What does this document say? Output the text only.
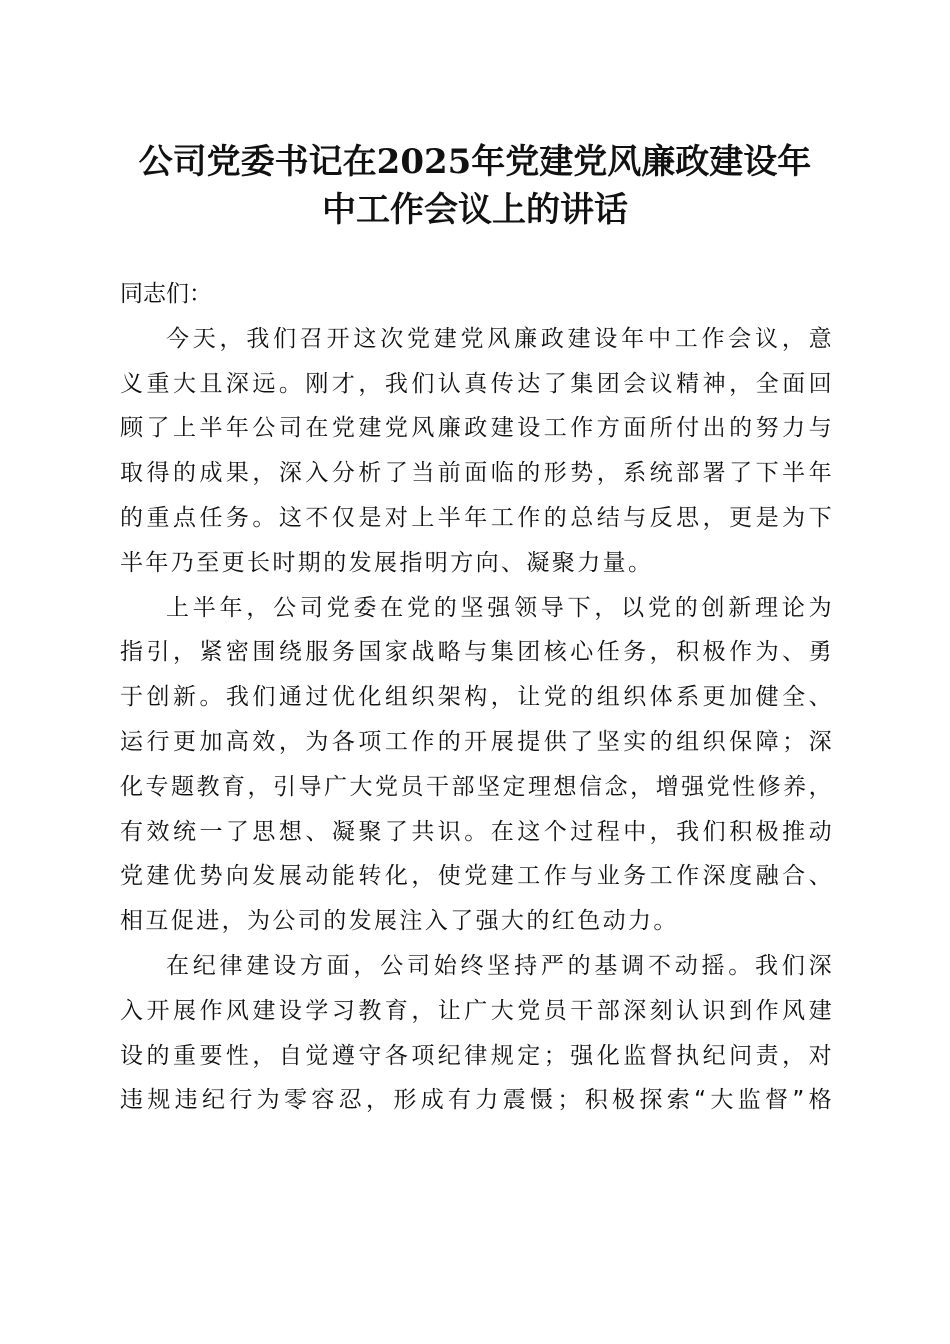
公司党委书记在2025年党建党风廉政建设年
中工作会议上的讲话

同志们：

今天，我们召开这次党建党风廉政建设年中工作会议，意
义重大且深远。刚才，我们认真传达了集团会议精神，全面回
顾了上半年公司在党建党风廉政建设工作方面所付出的努力与
取得的成果，深入分析了当前面临的形势，系统部署了下半年
的重点任务。这不仅是对上半年工作的总结与反思，更是为下
半年乃至更长时期的发展指明方向、凝聚力量。

上半年，公司党委在党的坚强领导下，以党的创新理论为
指引，紧密围绕服务国家战略与集团核心任务，积极作为、勇
于创新。我们通过优化组织架构，让党的组织体系更加健全、
运行更加高效，为各项工作的开展提供了坚实的组织保障；深
化专题教育，引导广大党员干部坚定理想信念，增强党性修养，
有效统一了思想、凝聚了共识。在这个过程中，我们积极推动
党建优势向发展动能转化，使党建工作与业务工作深度融合、
相互促进，为公司的发展注入了强大的红色动力。

在纪律建设方面，公司始终坚持严的基调不动摇。我们深
入开展作风建设学习教育，让广大党员干部深刻认识到作风建
设的重要性，自觉遵守各项纪律规定；强化监督执纪问责，对
违规违纪行为零容忍，形成有力震慑；积极探索“大监督”格
